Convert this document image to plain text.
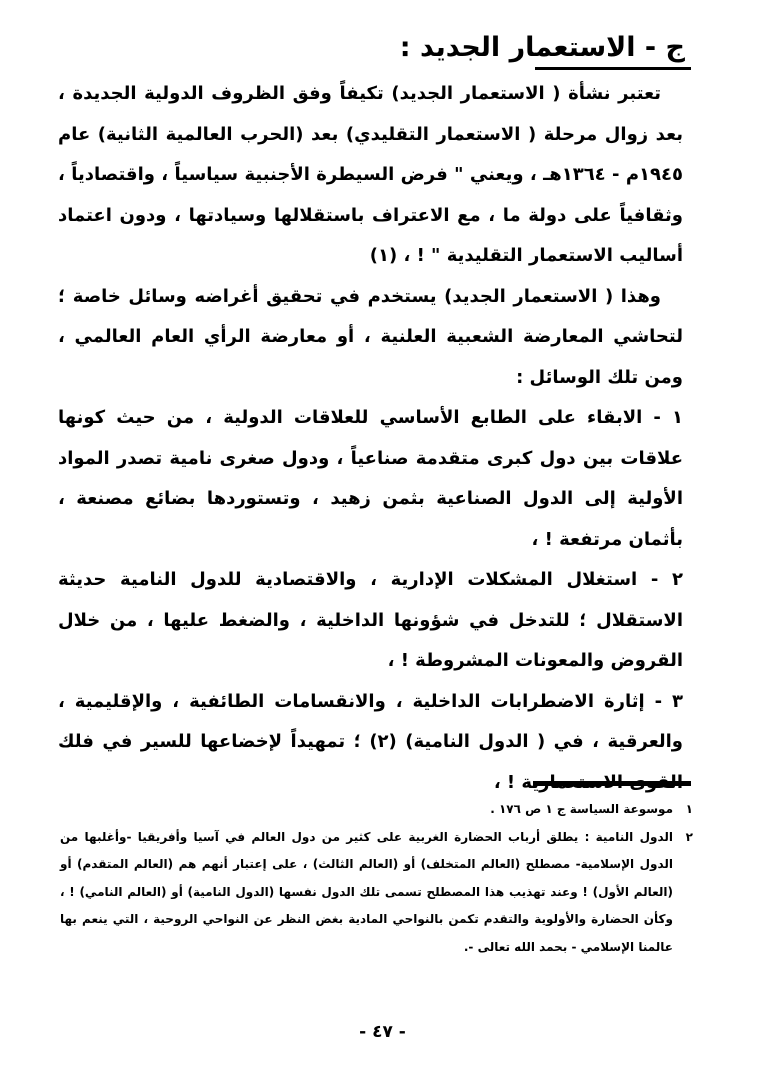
ج - الاستعمار الجديد :

تعتبر نشأة ( الاستعمار الجديد) تكيفاً وفق الظروف الدولية الجديدة ، بعد زوال مرحلة ( الاستعمار التقليدي) بعد (الحرب العالمية الثانية) عام ١٩٤٥م - ١٣٦٤هـ ، ويعني " فرض السيطرة الأجنبية سياسياً ، واقتصادياً ، وثقافياً على دولة ما ، مع الاعتراف باستقلالها وسيادتها ، ودون اعتماد أساليب الاستعمار التقليدية " ! ، (١)

وهذا ( الاستعمار الجديد) يستخدم في تحقيق أغراضه وسائل خاصة ؛ لتحاشي المعارضة الشعبية العلنية ، أو معارضة الرأي العام العالمي ، ومن تلك الوسائل :

١ - الابقاء على الطابع الأساسي للعلاقات الدولية ، من حيث كونها علاقات بين دول كبرى متقدمة صناعياً ، ودول صغرى نامية تصدر المواد الأولية إلى الدول الصناعية بثمن زهيد ، وتستوردها بضائع مصنعة ، بأثمان مرتفعة ! ،

٢ - استغلال المشكلات الإدارية ، والاقتصادية للدول النامية حديثة الاستقلال ؛ للتدخل في شؤونها الداخلية ، والضغط عليها ، من خلال القروض والمعونات المشروطة ! ،

٣ - إثارة الاضطرابات الداخلية ، والانقسامات الطائفية ، والإقليمية ، والعرقية ، في ( الدول النامية) (٢) ؛ تمهيداً لإخضاعها للسير في فلك القوى الاستعمارية ! ،

١
موسوعة السياسة ج ١ ص ١٧٦ .
٢
الدول النامية : يطلق أرباب الحضارة الغربية على كثير من دول العالم في آسيا وأفريقيا -وأغلبها من الدول الإسلامية- مصطلح (العالم المتخلف) أو (العالم الثالث) ، على إعتبار أنهم هم (العالم المتقدم) أو (العالم الأول) ! وعند تهذيب هذا المصطلح تسمى تلك الدول نفسها (الدول النامية) أو (العالم النامي) ! ، وكأن الحضارة والأولوية والتقدم تكمن بالنواحي المادية بغض النظر عن النواحي الروحية ، التي ينعم بها عالمنا الإسلامي - بحمد الله تعالى -.
- ٤٧ -
